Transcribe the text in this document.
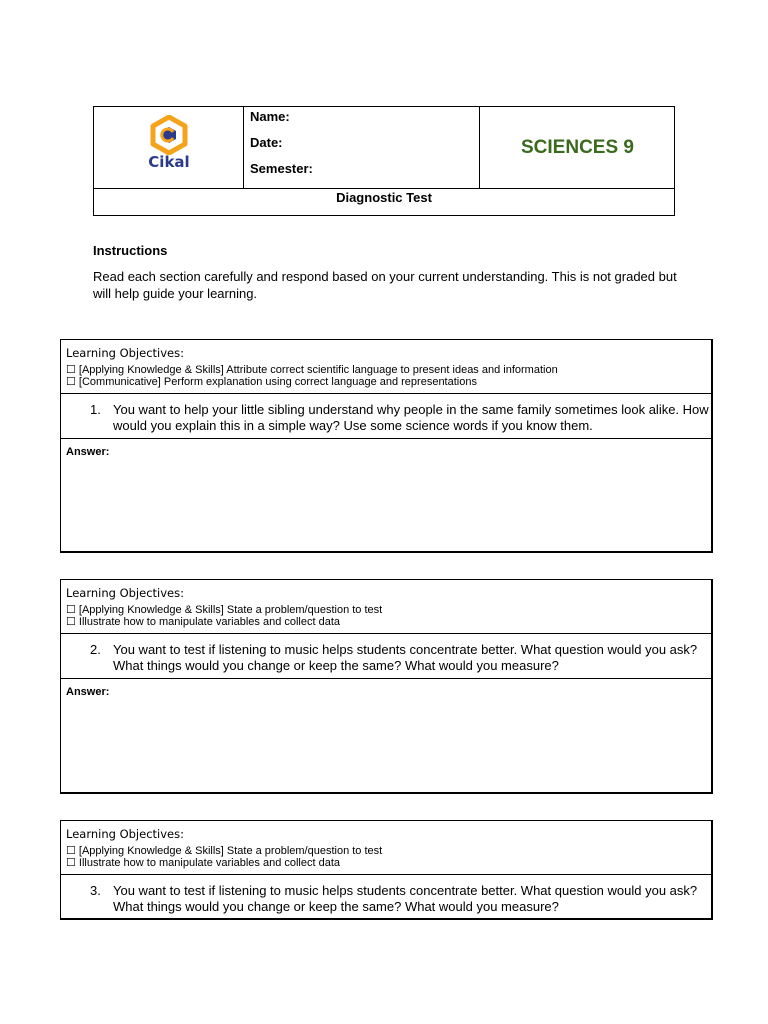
Cikal
Name:
Date:
Semester:
SCIENCES 9
Diagnostic Test
Instructions
Read each section carefully and respond based on your current understanding. This is not graded but will help guide your learning.
Learning Objectives:
☐ [Applying Knowledge & Skills] Attribute correct scientific language to present ideas and information
☐ [Communicative] Perform explanation using correct language and representations
1. You want to help your little sibling understand why people in the same family sometimes look alike. How would you explain this in a simple way? Use some science words if you know them.
Answer:
Learning Objectives:
☐ [Applying Knowledge & Skills] State a problem/question to test
☐ Illustrate how to manipulate variables and collect data
2. You want to test if listening to music helps students concentrate better. What question would you ask? What things would you change or keep the same? What would you measure?
Answer:
Learning Objectives:
☐ [Applying Knowledge & Skills] State a problem/question to test
☐ Illustrate how to manipulate variables and collect data
3. You want to test if listening to music helps students concentrate better. What question would you ask? What things would you change or keep the same? What would you measure?
